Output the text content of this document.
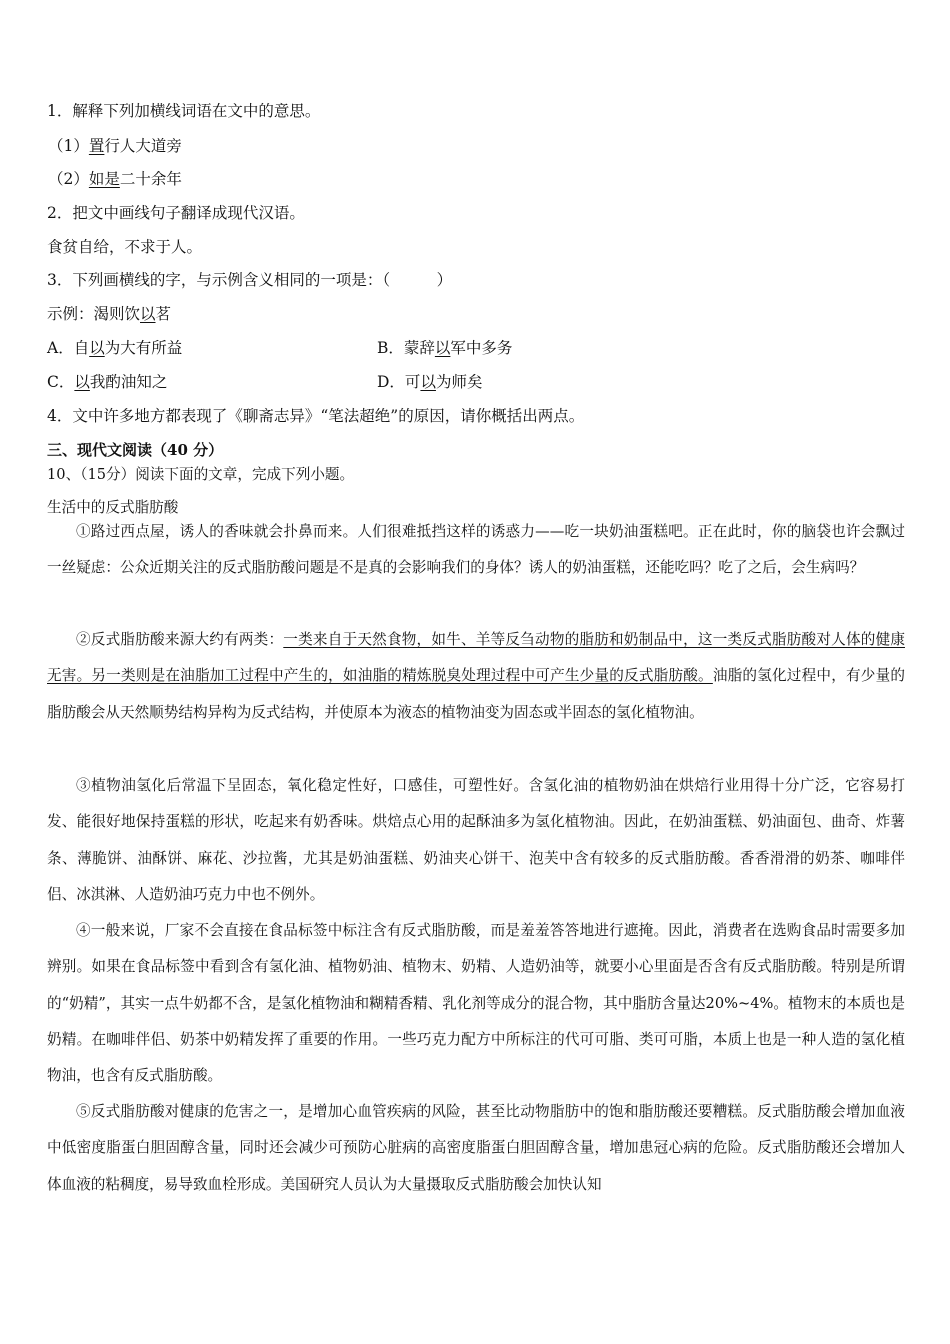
1．解释下列加横线词语在文中的意思。
（1）置行人大道旁
（2）如是二十余年
2．把文中画线句子翻译成现代汉语。
食贫自给，不求于人。
3．下列画横线的字，与示例含义相同的一项是：（　　　）
示例：渴则饮以茗
A．自以为大有所益	B．蒙辞以军中多务
C．以我酌油知之	D．可以为师矣
4．文中许多地方都表现了《聊斋志异》“笔法超绝”的原因，请你概括出两点。
三、现代文阅读（40 分）
10、（15分）阅读下面的文章，完成下列小题。
生活中的反式脂肪酸

①路过西点屋，诱人的香味就会扑鼻而来。人们很难抵挡这样的诱惑力——吃一块奶油蛋糕吧。正在此时，你的脑袋也许会飘过一丝疑虑：公众近期关注的反式脂肪酸问题是不是真的会影响我们的身体？诱人的奶油蛋糕，还能吃吗？吃了之后，会生病吗？

②反式脂肪酸来源大约有两类：一类来自于天然食物，如牛、羊等反刍动物的脂肪和奶制品中，这一类反式脂肪酸对人体的健康无害。另一类则是在油脂加工过程中产生的，如油脂的精炼脱臭处理过程中可产生少量的反式脂肪酸。油脂的氢化过程中，有少量的脂肪酸会从天然顺势结构异构为反式结构，并使原本为液态的植物油变为固态或半固态的氢化植物油。

③植物油氢化后常温下呈固态，氧化稳定性好，口感佳，可塑性好。含氢化油的植物奶油在烘焙行业用得十分广泛，它容易打发、能很好地保持蛋糕的形状，吃起来有奶香味。烘焙点心用的起酥油多为氢化植物油。因此，在奶油蛋糕、奶油面包、曲奇、炸薯条、薄脆饼、油酥饼、麻花、沙拉酱，尤其是奶油蛋糕、奶油夹心饼干、泡芙中含有较多的反式脂肪酸。香香滑滑的奶茶、咖啡伴侣、冰淇淋、人造奶油巧克力中也不例外。

④一般来说，厂家不会直接在食品标签中标注含有反式脂肪酸，而是羞羞答答地进行遮掩。因此，消费者在选购食品时需要多加辨别。如果在食品标签中看到含有氢化油、植物奶油、植物末、奶精、人造奶油等，就要小心里面是否含有反式脂肪酸。特别是所谓的“奶精”，其实一点牛奶都不含，是氢化植物油和糊精香精、乳化剂等成分的混合物，其中脂肪含量达20%~4%。植物末的本质也是奶精。在咖啡伴侣、奶茶中奶精发挥了重要的作用。一些巧克力配方中所标注的代可可脂、类可可脂，本质上也是一种人造的氢化植物油，也含有反式脂肪酸。

⑤反式脂肪酸对健康的危害之一，是增加心血管疾病的风险，甚至比动物脂肪中的饱和脂肪酸还要糟糕。反式脂肪酸会增加血液中低密度脂蛋白胆固醇含量，同时还会减少可预防心脏病的高密度脂蛋白胆固醇含量，增加患冠心病的危险。反式脂肪酸还会增加人体血液的粘稠度，易导致血栓形成。美国研究人员认为大量摄取反式脂肪酸会加快认知
